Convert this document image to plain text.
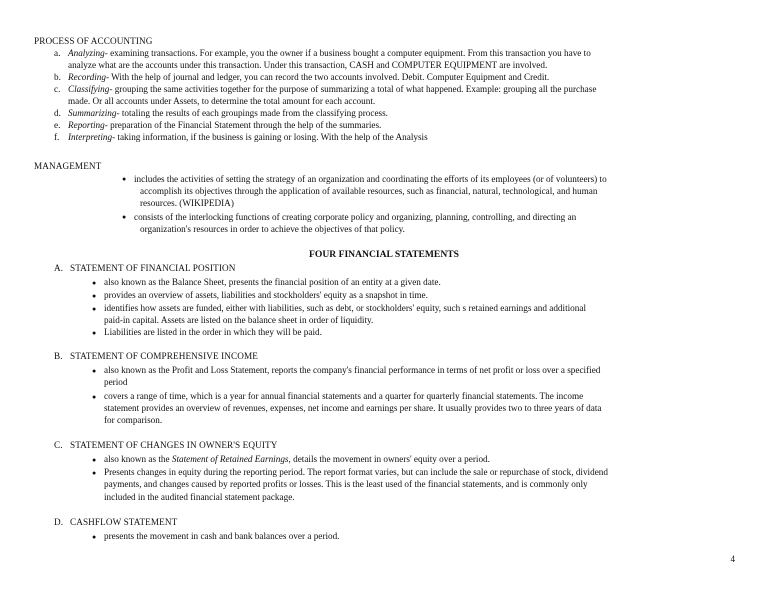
PROCESS OF ACCOUNTING
a. Analyzing- examining transactions. For example, you the owner if a business bought a computer equipment. From this transaction you have to
analyze what are the accounts under this transaction. Under this transaction, CASH and COMPUTER EQUIPMENT are involved.
b. Recording- With the help of journal and ledger, you can record the two accounts involved. Debit. Computer Equipment and Credit.
c. Classifying- grouping the same activities together for the purpose of summarizing a total of what happened. Example: grouping all the purchase
made. Or all accounts under Assets, to determine the total amount for each account.
d. Summarizing- totaling the results of each groupings made from the classifying process.
e. Reporting- preparation of the Financial Statement through the help of the summaries.
f. Interpreting- taking information, if the business is gaining or losing. With the help of the Analysis
MANAGEMENT
● includes the activities of setting the strategy of an organization and coordinating the efforts of its employees (or of volunteers) to
accomplish its objectives through the application of available resources, such as financial, natural, technological, and human
resources. (WIKIPEDIA)
● consists of the interlocking functions of creating corporate policy and organizing, planning, controlling, and directing an
organization's resources in order to achieve the objectives of that policy.
FOUR FINANCIAL STATEMENTS
A. STATEMENT OF FINANCIAL POSITION
● also known as the Balance Sheet, presents the financial position of an entity at a given date.
● provides an overview of assets, liabilities and stockholders' equity as a snapshot in time.
● identifies how assets are funded, either with liabilities, such as debt, or stockholders' equity, such s retained earnings and additional
paid-in capital. Assets are listed on the balance sheet in order of liquidity.
● Liabilities are listed in the order in which they will be paid.
B. STATEMENT OF COMPREHENSIVE INCOME
● also known as the Profit and Loss Statement, reports the company's financial performance in terms of net profit or loss over a specified
period
● covers a range of time, which is a year for annual financial statements and a quarter for quarterly financial statements. The income
statement provides an overview of revenues, expenses, net income and earnings per share. It usually provides two to three years of data
for comparison.
C. STATEMENT OF CHANGES IN OWNER'S EQUITY
● also known as the Statement of Retained Earnings, details the movement in owners' equity over a period.
● Presents changes in equity during the reporting period. The report format varies, but can include the sale or repurchase of stock, dividend
payments, and changes caused by reported profits or losses. This is the least used of the financial statements, and is commonly only
included in the audited financial statement package.
D. CASHFLOW STATEMENT
● presents the movement in cash and bank balances over a period.
4
